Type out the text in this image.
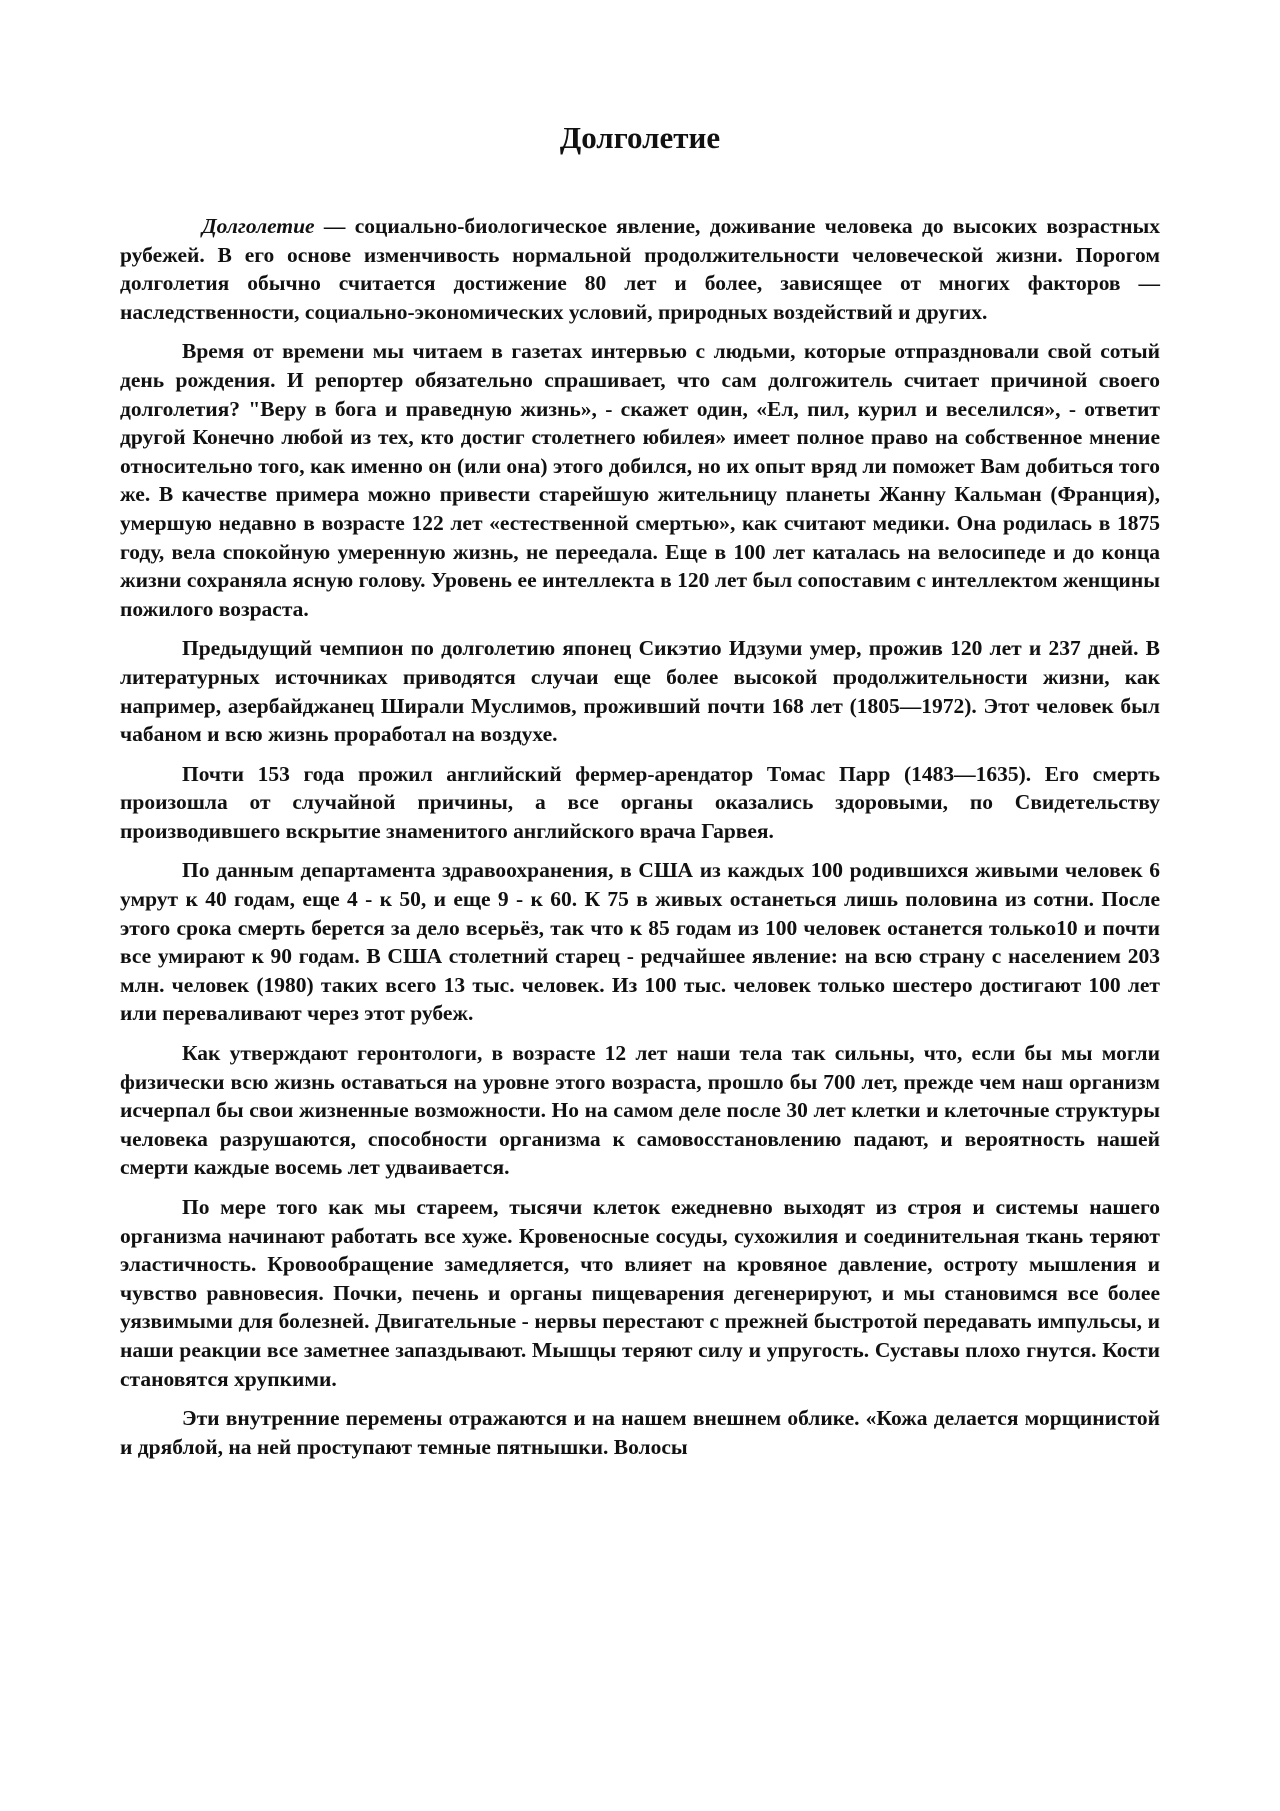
Долголетие

Долголетие — социально-биологическое явление, доживание человека до высоких возрастных рубежей. В его основе изменчивость нормальной продолжительности человеческой жизни. Порогом долголетия обычно считается достижение 80 лет и более, зависящее от многих факторов — наследственности, социально-экономических условий, природных воздействий и других.

Время от времени мы читаем в газетах интервью с людьми, которые отпраздновали свой сотый день рождения. И репортер обязательно спрашивает, что сам долгожитель считает причиной своего долголетия? "Веру в бога и праведную жизнь», - скажет один, «Ел, пил, курил и веселился», - ответит другой Конечно любой из тех, кто достиг столетнего юбилея» имеет полное право на собственное мнение относительно того, как именно он (или она) этого добился, но их опыт вряд ли поможет Вам добиться того же. В качестве примера можно привести старейшую жительницу планеты Жанну Кальман (Франция), умершую недавно в возрасте 122 лет «естественной смертью», как считают медики. Она родилась в 1875 году, вела спокойную умеренную жизнь, не переедала. Еще в 100 лет каталась на велосипеде и до конца жизни сохраняла ясную голову. Уровень ее интеллекта в 120 лет был сопоставим с интеллектом женщины пожилого возраста.

Предыдущий чемпион по долголетию японец Сикэтио Идзуми умер, прожив 120 лет и 237 дней. В литературных источниках приводятся случаи еще более высокой продолжительности жизни, как например, азербайджанец Ширали Муслимов, проживший почти 168 лет (1805—1972). Этот человек был чабаном и всю жизнь проработал на воздухе.

Почти 153 года прожил английский фермер-арендатор Томас Парр (1483—1635). Его смерть произошла от случайной причины, а все органы оказались здоровыми, по Свидетельству производившего вскрытие знаменитого английского врача Гарвея.

По данным департамента здравоохранения, в США из каждых 100 родившихся живыми человек 6 умрут к 40 годам, еще 4 - к 50, и еще 9 - к 60. К 75 в живых останеться лишь половина из сотни. После этого срока смерть берется за дело всерьёз, так что к 85 годам из 100 человек останется только10 и почти все умирают к 90 годам. В США столетний старец - редчайшее явление: на всю страну с населением 203 млн. человек (1980) таких всего 13 тыс. человек. Из 100 тыс. человек только шестеро достигают 100 лет или переваливают через этот рубеж.

Как утверждают геронтологи, в возрасте 12 лет наши тела так сильны, что, если бы мы могли физически всю жизнь оставаться на уровне этого возраста, прошло бы 700 лет, прежде чем наш организм исчерпал бы свои жизненные возможности. Но на самом деле после 30 лет клетки и клеточные структуры человека разрушаются, способности организма к самовосстановлению падают, и вероятность нашей смерти каждые восемь лет удваивается.

По мере того как мы стареем, тысячи клеток ежедневно выходят из строя и системы нашего организма начинают работать все хуже. Кровеносные сосуды, сухожилия и соединительная ткань теряют эластичность. Кровообращение замедляется, что влияет на кровяное давление, остроту мышления и чувство равновесия. Почки, печень и органы пищеварения дегенерируют, и мы становимся все более уязвимыми для болезней. Двигательные - нервы перестают с прежней быстротой передавать импульсы, и наши реакции все заметнее запаздывают. Мышцы теряют силу и упругость. Суставы плохо гнутся. Кости становятся хрупкими.

Эти внутренние перемены отражаются и на нашем внешнем облике. «Кожа делается морщинистой и дряблой, на ней проступают темные пятнышки. Волосы
